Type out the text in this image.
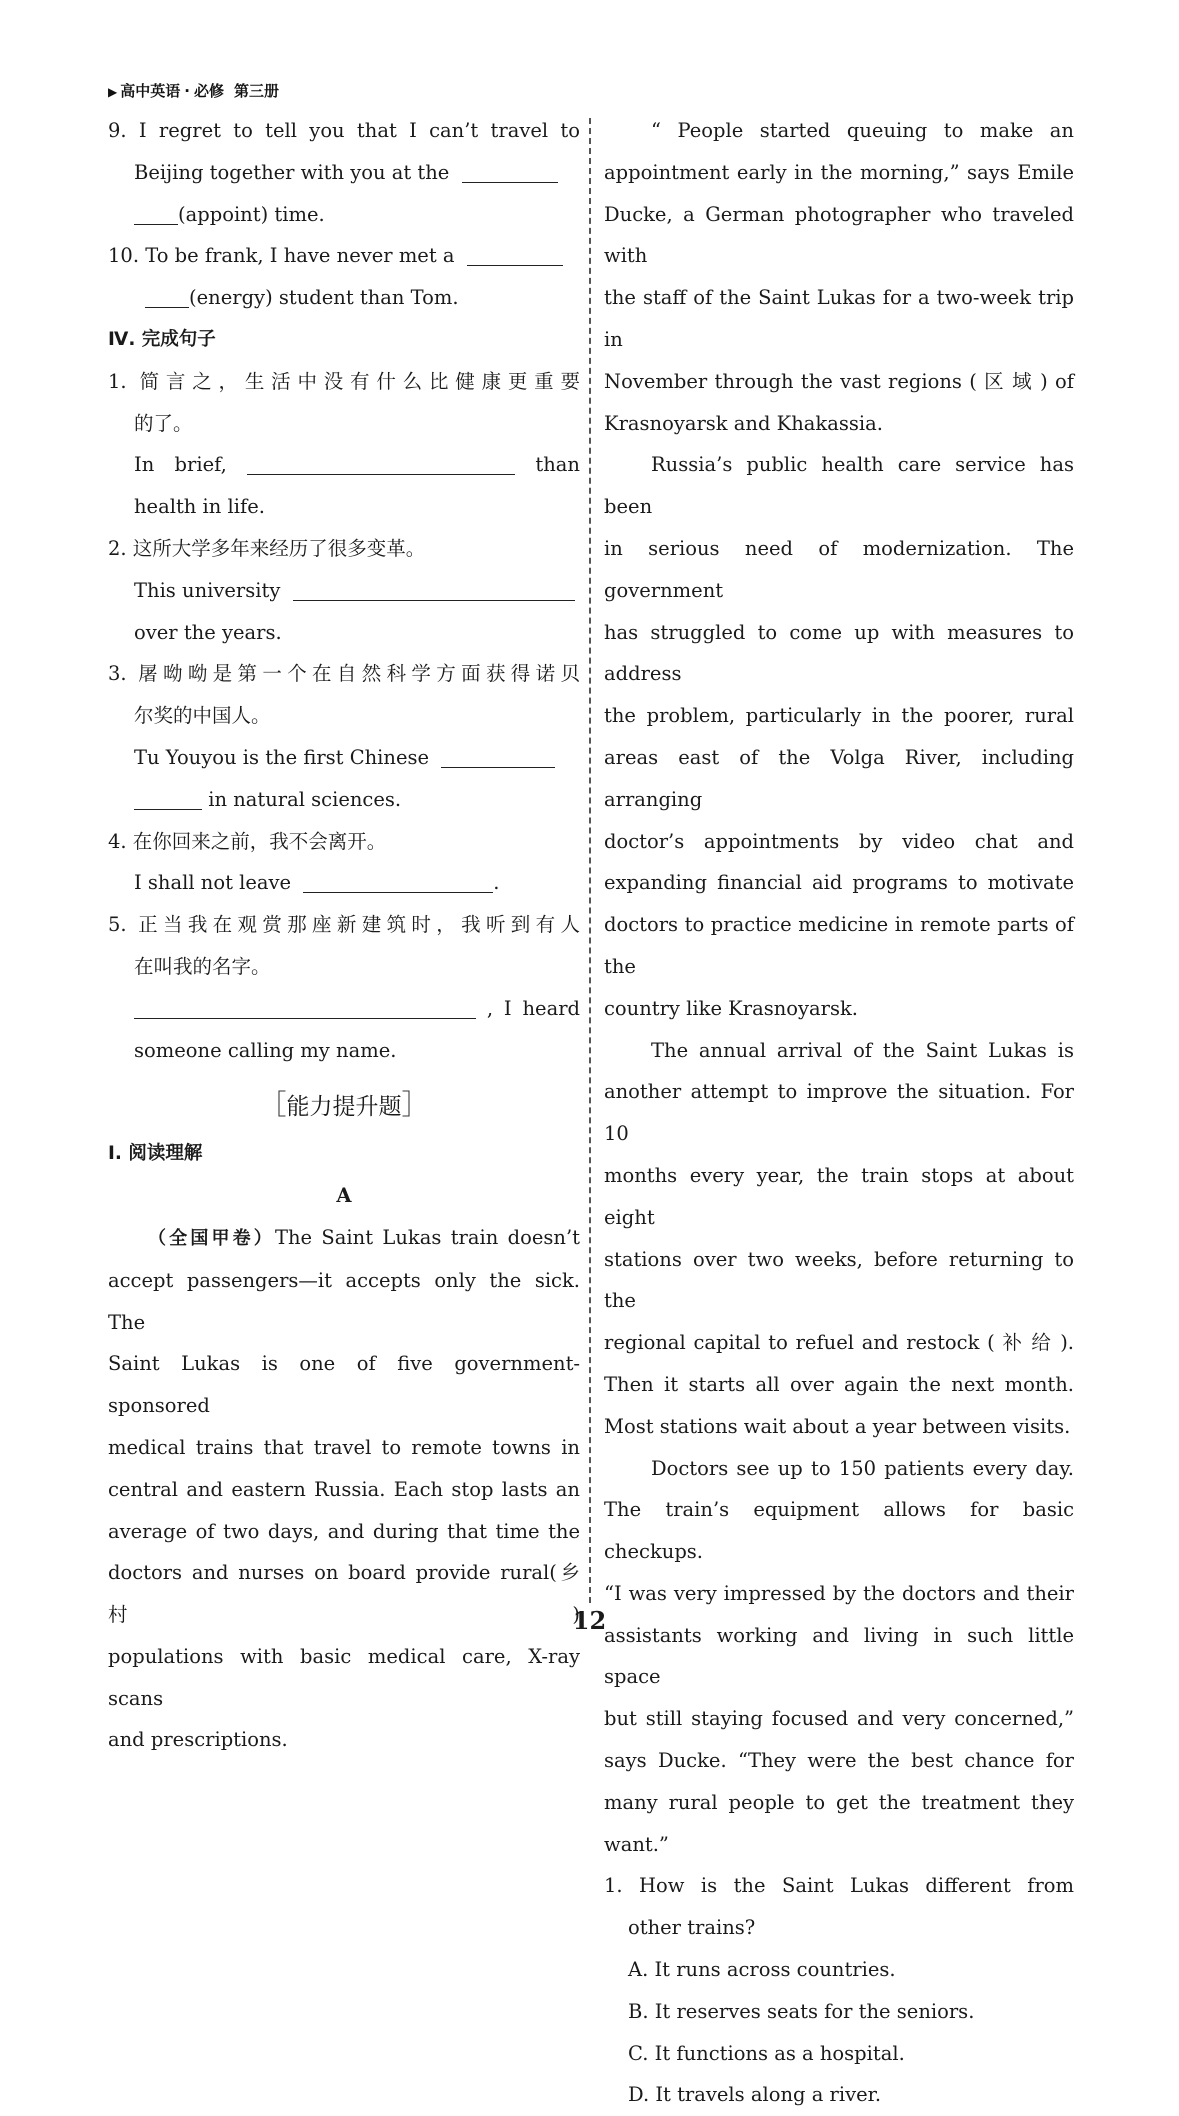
▶ 高中英语 · 必修 第三册

9. I regret to tell you that I can’t travel to

Beijing together with you at the

(appoint) time.

10. To be frank, I have never met a

(energy) student than Tom.

Ⅳ. 完成句子

1. 简言之，生活中没有什么比健康更重要

的了。

In brief,	than

health in life.

2. 这所大学多年来经历了很多变革。

This university

over the years.

3. 屠呦呦是第一个在自然科学方面获得诺贝

尔奖的中国人。

Tu Youyou is the first Chinese

in natural sciences.

4. 在你回来之前，我不会离开。

I shall not leave	.

5. 正当我在观赏那座新建筑时，我听到有人

在叫我的名字。

, I heard

someone calling my name.

［能力提升题］

Ⅰ. 阅读理解

A

（全国甲卷）The Saint Lukas train doesn’t

accept passengers—it accepts only the sick. The

Saint Lukas is one of five government-sponsored

medical trains that travel to remote towns in

central and eastern Russia. Each stop lasts an

average of two days, and during that time the

doctors and nurses on board provide rural(乡村)

populations with basic medical care, X-ray scans

and prescriptions.

“ People started queuing to make an

appointment early in the morning,” says Emile

Ducke, a German photographer who traveled with

the staff of the Saint Lukas for a two-week trip in

November through the vast regions ( 区 域 ) of

Krasnoyarsk and Khakassia.

Russia’s public health care service has been

in serious need of modernization. The government

has struggled to come up with measures to address

the problem, particularly in the poorer, rural

areas east of the Volga River, including arranging

doctor’s appointments by video chat and

expanding financial aid programs to motivate

doctors to practice medicine in remote parts of the

country like Krasnoyarsk.

The annual arrival of the Saint Lukas is

another attempt to improve the situation. For 10

months every year, the train stops at about eight

stations over two weeks, before returning to the

regional capital to refuel and restock ( 补 给 ).

Then it starts all over again the next month.

Most stations wait about a year between visits.

Doctors see up to 150 patients every day.

The train’s equipment allows for basic checkups.

“I was very impressed by the doctors and their

assistants working and living in such little space

but still staying focused and very concerned,”

says Ducke. “They were the best chance for

many rural people to get the treatment they

want.”

1. How is the Saint Lukas different from

other trains?

A. It runs across countries.

B. It reserves seats for the seniors.

C. It functions as a hospital.

D. It travels along a river.

12
